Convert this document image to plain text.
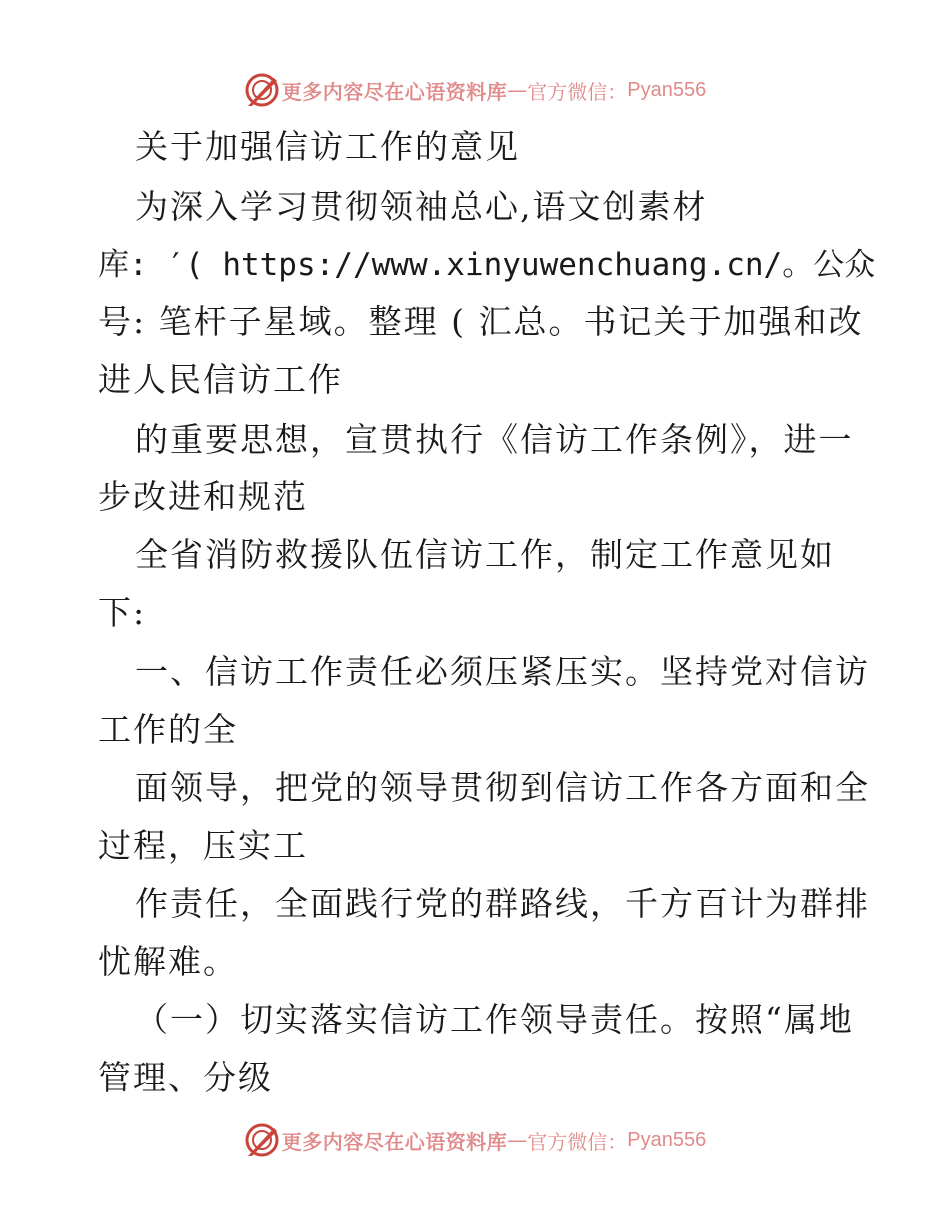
更多内容尽在心语资料库 — 官方微信： Pyan556
关于加强信访工作的意见
为深入学习贯彻领袖总心,语文创素材
库: ′( https://www.xinyuwenchuang.cn/。公众
号: 笔杆子星域。整理 ( 汇总。书记关于加强和改
进人民信访工作
的重要思想，宣贯执行《信访工作条例》，进一
步改进和规范
全省消防救援队伍信访工作，制定工作意见如
下:
一、信访工作责任必须压紧压实。坚持党对信访
工作的全
面领导，把党的领导贯彻到信访工作各方面和全
过程，压实工
作责任，全面践行党的群路线，千方百计为群排
忧解难。
（一）切实落实信访工作领导责任。按照“属地
管理、分级
更多内容尽在心语资料库 — 官方微信： Pyan556
